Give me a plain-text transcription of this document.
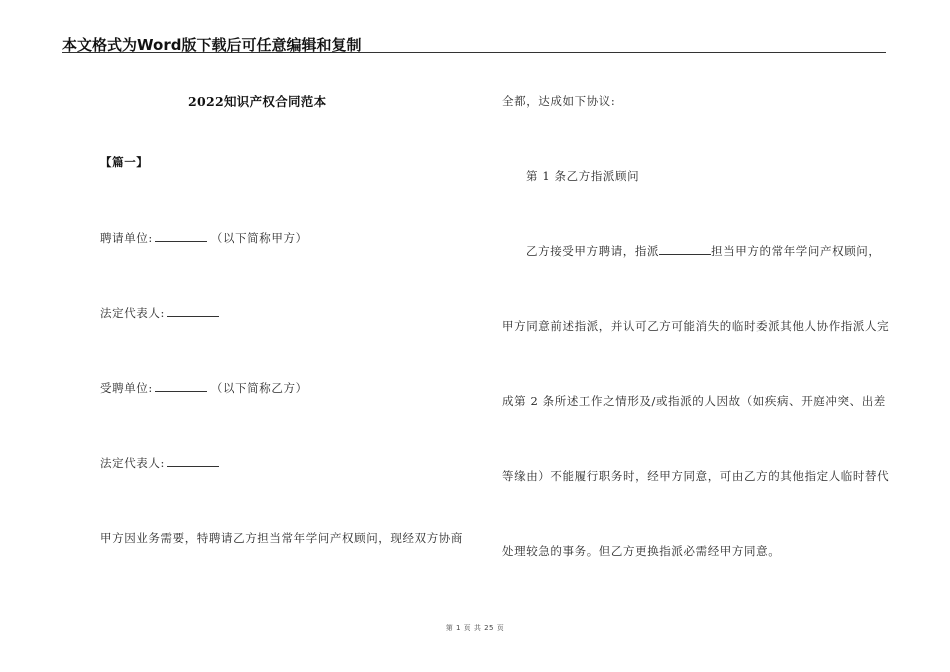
本文格式为Word版下载后可任意编辑和复制
2022知识产权合同范本
【篇一】
聘请单位:	（以下简称甲方）
法定代表人:
受聘单位:	（以下简称乙方）
法定代表人:
甲方因业务需要，特聘请乙方担当常年学问产权顾问，现经双方协商
全都，达成如下协议:
第 1 条乙方指派顾问
乙方接受甲方聘请，指派	担当甲方的常年学问产权顾问，
甲方同意前述指派，并认可乙方可能消失的临时委派其他人协作指派人完
成第 2 条所述工作之情形及/或指派的人因故（如疾病、开庭冲突、出差
等缘由）不能履行职务时，经甲方同意，可由乙方的其他指定人临时替代
处理较急的事务。但乙方更换指派必需经甲方同意。
第 1 页 共 25 页
